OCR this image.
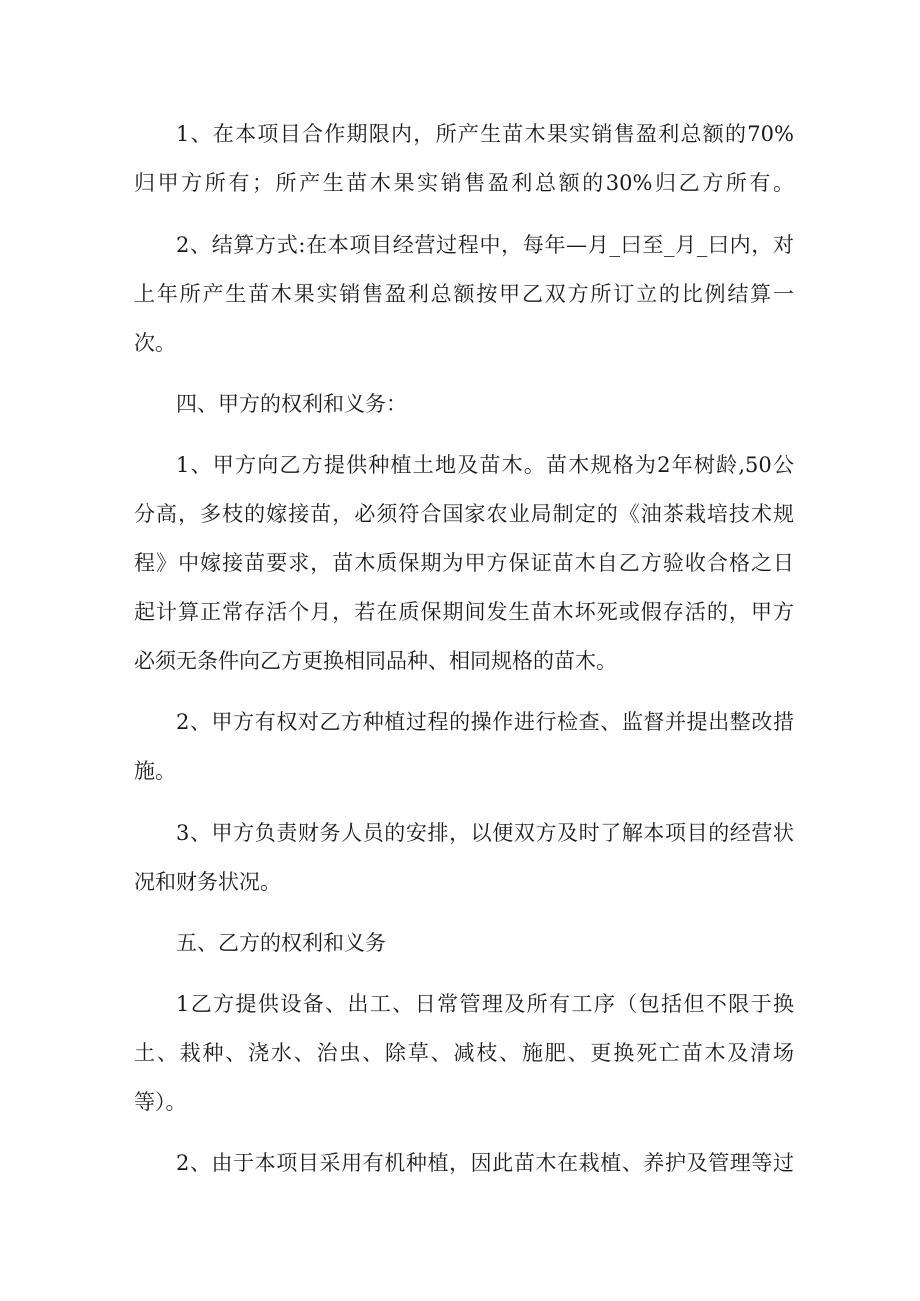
1、在本项目合作期限内，所产生苗木果实销售盈利总额的70%
归甲方所有；所产生苗木果实销售盈利总额的30%归乙方所有。
2、结算方式:在本项目经营过程中，每年—月_曰至_月_曰内，对
上年所产生苗木果实销售盈利总额按甲乙双方所订立的比例结算一
次。
四、甲方的权利和义务：
1、甲方向乙方提供种植土地及苗木。苗木规格为2年树龄,50公
分高，多枝的嫁接苗，必须符合国家农业局制定的《油茶栽培技术规
程》中嫁接苗要求，苗木质保期为甲方保证苗木自乙方验收合格之日
起计算正常存活个月，若在质保期间发生苗木坏死或假存活的，甲方
必须无条件向乙方更换相同品种、相同规格的苗木。
2、甲方有权对乙方种植过程的操作进行检查、监督并提出整改措
施。
3、甲方负责财务人员的安排，以便双方及时了解本项目的经营状
况和财务状况。
五、乙方的权利和义务
1乙方提供设备、出工、日常管理及所有工序（包括但不限于换
土、栽种、浇水、治虫、除草、减枝、施肥、更换死亡苗木及清场
等）。
2、由于本项目采用有机种植，因此苗木在栽植、养护及管理等过
